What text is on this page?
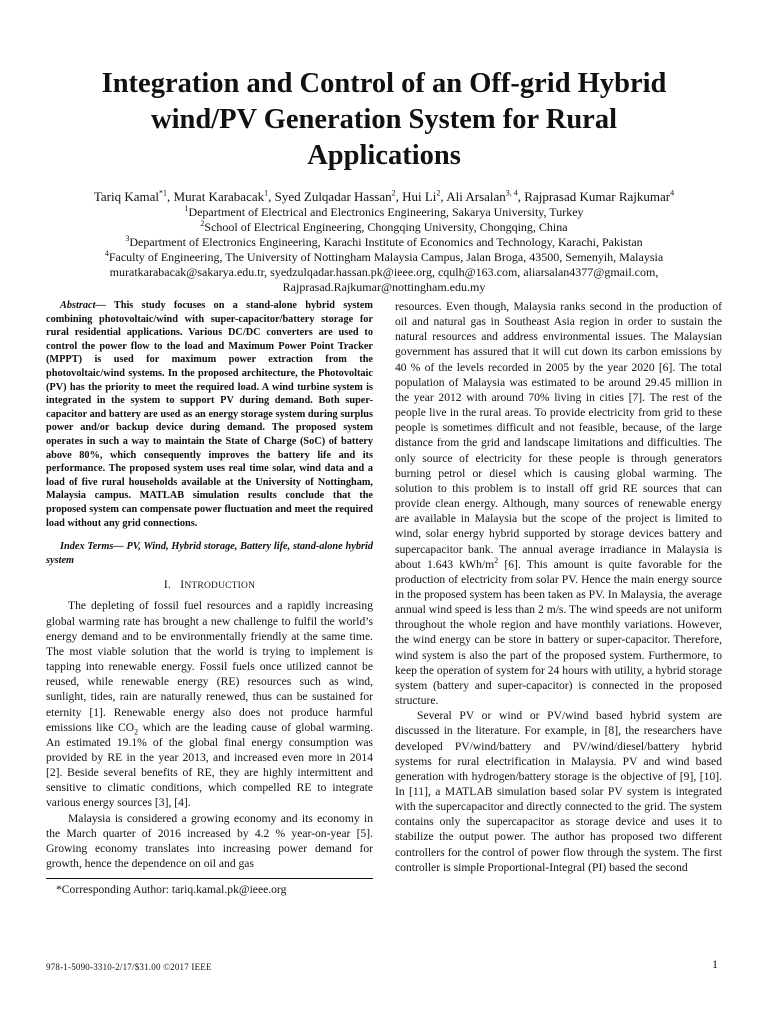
Integration and Control of an Off-grid Hybrid
wind/PV Generation System for Rural
Applications
Tariq Kamal$^{*1}$, Murat Karabacak$^1$, Syed Zulqadar Hassan$^2$, Hui Li$^2$, Ali Arsalan$^{3, 4}$, Rajprasad Kumar Rajkumar$^4$
$^1$Department of Electrical and Electronics Engineering, Sakarya University, Turkey
$^2$School of Electrical Engineering, Chongqing University, Chongqing, China
$^3$Department of Electronics Engineering, Karachi Institute of Economics and Technology, Karachi, Pakistan
$^4$Faculty of Engineering, The University of Nottingham Malaysia Campus, Jalan Broga, 43500, Semenyih, Malaysia
muratkarabacak@sakarya.edu.tr, syedzulqadar.hassan.pk@ieee.org, cqulh@163.com, aliarsalan4377@gmail.com,
Rajprasad.Rajkumar@nottingham.edu.my

Abstract— This study focuses on a stand-alone hybrid system combining photovoltaic/wind with super-capacitor/battery storage for rural residential applications. Various DC/DC converters are used to control the power flow to the load and Maximum Power Point Tracker (MPPT) is used for maximum power extraction from the photovoltaic/wind systems. In the proposed architecture, the Photovoltaic (PV) has the priority to meet the required load. A wind turbine system is integrated in the system to support PV during demand. Both super-capacitor and battery are used as an energy storage system during surplus power and/or backup device during demand. The proposed system operates in such a way to maintain the State of Charge (SoC) of battery above 80%, which consequently improves the battery life and its performance. The proposed system uses real time solar, wind data and a load of five rural households available at the University of Nottingham, Malaysia campus. MATLAB simulation results conclude that the proposed system can compensate power fluctuation and meet the required load without any grid connections.

Index Terms— PV, Wind, Hybrid storage, Battery life, stand-alone hybrid system

I. INTRODUCTION

The depleting of fossil fuel resources and a rapidly increasing global warming rate has brought a new challenge to fulfil the world’s energy demand and to be environmentally friendly at the same time. The most viable solution that the world is trying to implement is tapping into renewable energy. Fossil fuels once utilized cannot be reused, while renewable energy (RE) resources such as wind, sunlight, tides, rain are naturally renewed, thus can be sustained for eternity [1]. Renewable energy also does not produce harmful emissions like $CO_2$ which are the leading cause of global warming. An estimated 19.1% of the global final energy consumption was provided by RE in the year 2013, and increased even more in 2014 [2]. Beside several benefits of RE, they are highly intermittent and sensitive to climatic conditions, which compelled RE to integrate various energy sources [3], [4].

Malaysia is considered a growing economy and its economy in the March quarter of 2016 increased by 4.2 % year-on-year [5]. Growing economy translates into increasing power demand for growth, hence the dependence on oil and gas

resources. Even though, Malaysia ranks second in the production of oil and natural gas in Southeast Asia region in order to sustain the natural resources and address environmental issues. The Malaysian government has assured that it will cut down its carbon emissions by 40 % of the levels recorded in 2005 by the year 2020 [6]. The total population of Malaysia was estimated to be around 29.45 million in the year 2012 with around 70% living in cities [7]. The rest of the people live in the rural areas. To provide electricity from grid to these people is sometimes difficult and not feasible, because, of the large distance from the grid and landscape limitations and difficulties. The only source of electricity for these people is through generators burning petrol or diesel which is causing global warming. The solution to this problem is to install off grid RE sources that can provide clean energy. Although, many sources of renewable energy are available in Malaysia but the scope of the project is limited to wind, solar energy hybrid supported by storage devices battery and supercapacitor bank. The annual average irradiance in Malaysia is about 1.643 kWh/$m^2$ [6]. This amount is quite favorable for the production of electricity from solar PV. Hence the main energy source in the proposed system has been taken as PV. In Malaysia, the average annual wind speed is less than 2 m/s. The wind speeds are not uniform throughout the whole region and have monthly variations. However, the wind energy can be store in battery or super-capacitor. Therefore, wind system is also the part of the proposed system. Furthermore, to keep the operation of system for 24 hours with utility, a hybrid storage system (battery and super-capacitor) is connected in the proposed structure.

Several PV or wind or PV/wind based hybrid system are discussed in the literature. For example, in [8], the researchers have developed PV/wind/battery and PV/wind/diesel/battery hybrid systems for rural electrification in Malaysia. PV and wind based generation with hydrogen/battery storage is the objective of [9], [10]. In [11], a MATLAB simulation based solar PV system is integrated with the supercapacitor and directly connected to the grid. The system contains only the supercapacitor as storage device and uses it to stabilize the output power. The author has proposed two different controllers for the control of power flow through the system. The first controller is simple Proportional-Integral (PI) based the second

*Corresponding Author: tariq.kamal.pk@ieee.org
978-1-5090-3310-2/17/$31.00 ©2017 IEEE	1
